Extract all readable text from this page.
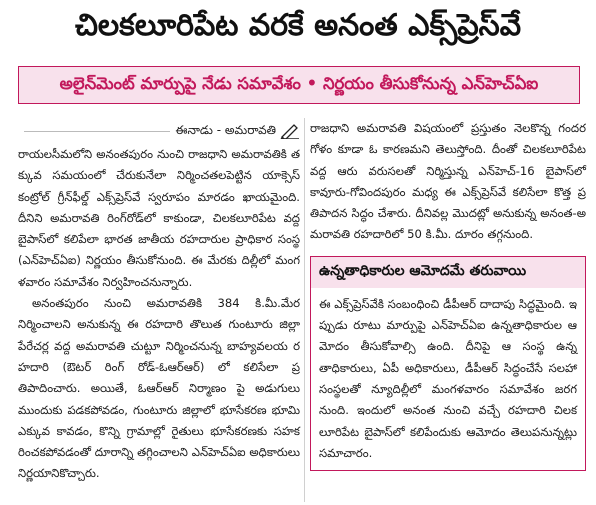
చిలకలూరిపేట వరకే అనంత ఎక్స్‌ప్రెస్‌వే
అలైన్‌మెంట్ మార్పుపై నేడు సమావేశం • నిర్ణయం తీసుకోనున్న ఎన్‌హెచ్‌ఏఐ
ఈనాడు - అమరావతి

రాయలసీమలోని అనంతపురం నుంచి రాజధాని అమరావతికి తక్కువ సమయంలో చేరుకునేలా నిర్మించతలపెట్టిన యాక్సెస్ కంట్రోల్ గ్రీన్‌ఫీల్డ్ ఎక్స్‌ప్రెస్‌వే స్వరూపం మారడం ఖాయమైంది. దీనిని అమరావతి రింగ్‌రోడ్‌లో కాకుండా, చిలకలూరిపేట వద్ద బైపాస్‌లో కలిపేలా భారత జాతీయ రహదారుల ప్రాధికార సంస్థ (ఎన్‌హెచ్‌ఏఐ) నిర్ణయం తీసుకోనుంది. ఈ మేరకు దిల్లీలో మంగళవారం సమావేశం నిర్వహించనున్నారు.

అనంతపురం నుంచి అమరావతికి 384 కి.మీ.మేర నిర్మించాలని అనుకున్న ఈ రహదారి తొలుత గుంటూరు జిల్లా పేరేచర్ల వద్ద అమరావతి చుట్టూ నిర్మించనున్న బాహ్యవలయ రహదారి (ఔటర్ రింగ్ రోడ్-ఓఆర్ఆర్) లో కలిసేలా ప్రతిపాదించారు. అయితే, ఓఆర్ఆర్ నిర్మాణం పై అడుగులు ముందుకు పడకపోవడం, గుంటూరు జిల్లాలో భూసేకరణ భూమి ఎక్కువ కావడం, కొన్ని గ్రామాల్లో రైతులు భూసేకరణకు సహకరించకపోవడంతో దూరాన్ని తగ్గించాలని ఎన్‌హెచ్‌ఏఐ అధికారులు నిర్ణయానికొచ్చారు.

రాజధాని అమరావతి విషయంలో ప్రస్తుతం నెలకొన్న గందరగోళం కూడా ఓ కారణమని తెలుస్తోంది. దీంతో చిలకలూరిపేట వద్ద ఆరు వరుసలతో నిర్మిస్తున్న ఎన్‌హెచ్-16 బైపాస్‌లో కావూరు-గోవిందపురం మధ్య ఈ ఎక్స్‌ప్రెస్‌వే కలిసేలా కొత్త ప్రతిపాదన సిద్ధం చేశారు. దీనివల్ల మొదట్లో అనుకున్న అనంత-అమరావతి రహదారిలో 50 కి.మీ. దూరం తగ్గనుంది.

ఉన్నతాధికారుల ఆమోదమే తరువాయి

ఈ ఎక్స్‌ప్రెస్‌వేకి సంబంధించి డీపీఆర్ దాదాపు సిద్ధమైంది. ఇప్పుడు రూటు మార్పుపై ఎన్‌హెచ్‌ఏఐ ఉన్నతాధికారుల ఆమోదం తీసుకోవాల్సి ఉంది. దీనిపై ఆ సంస్థ ఉన్నతాధికారులు, ఏపీ అధికారులు, డీపీఆర్ సిద్ధంచేసే సలహా సంస్థలతో న్యూదిల్లీలో మంగళవారం సమావేశం జరగనుంది. ఇందులో అనంత నుంచి వచ్చే రహదారి చిలకలూరిపేట బైపాస్‌లో కలిపేందుకు ఆమోదం తెలుపనున్నట్లు సమాచారం.
